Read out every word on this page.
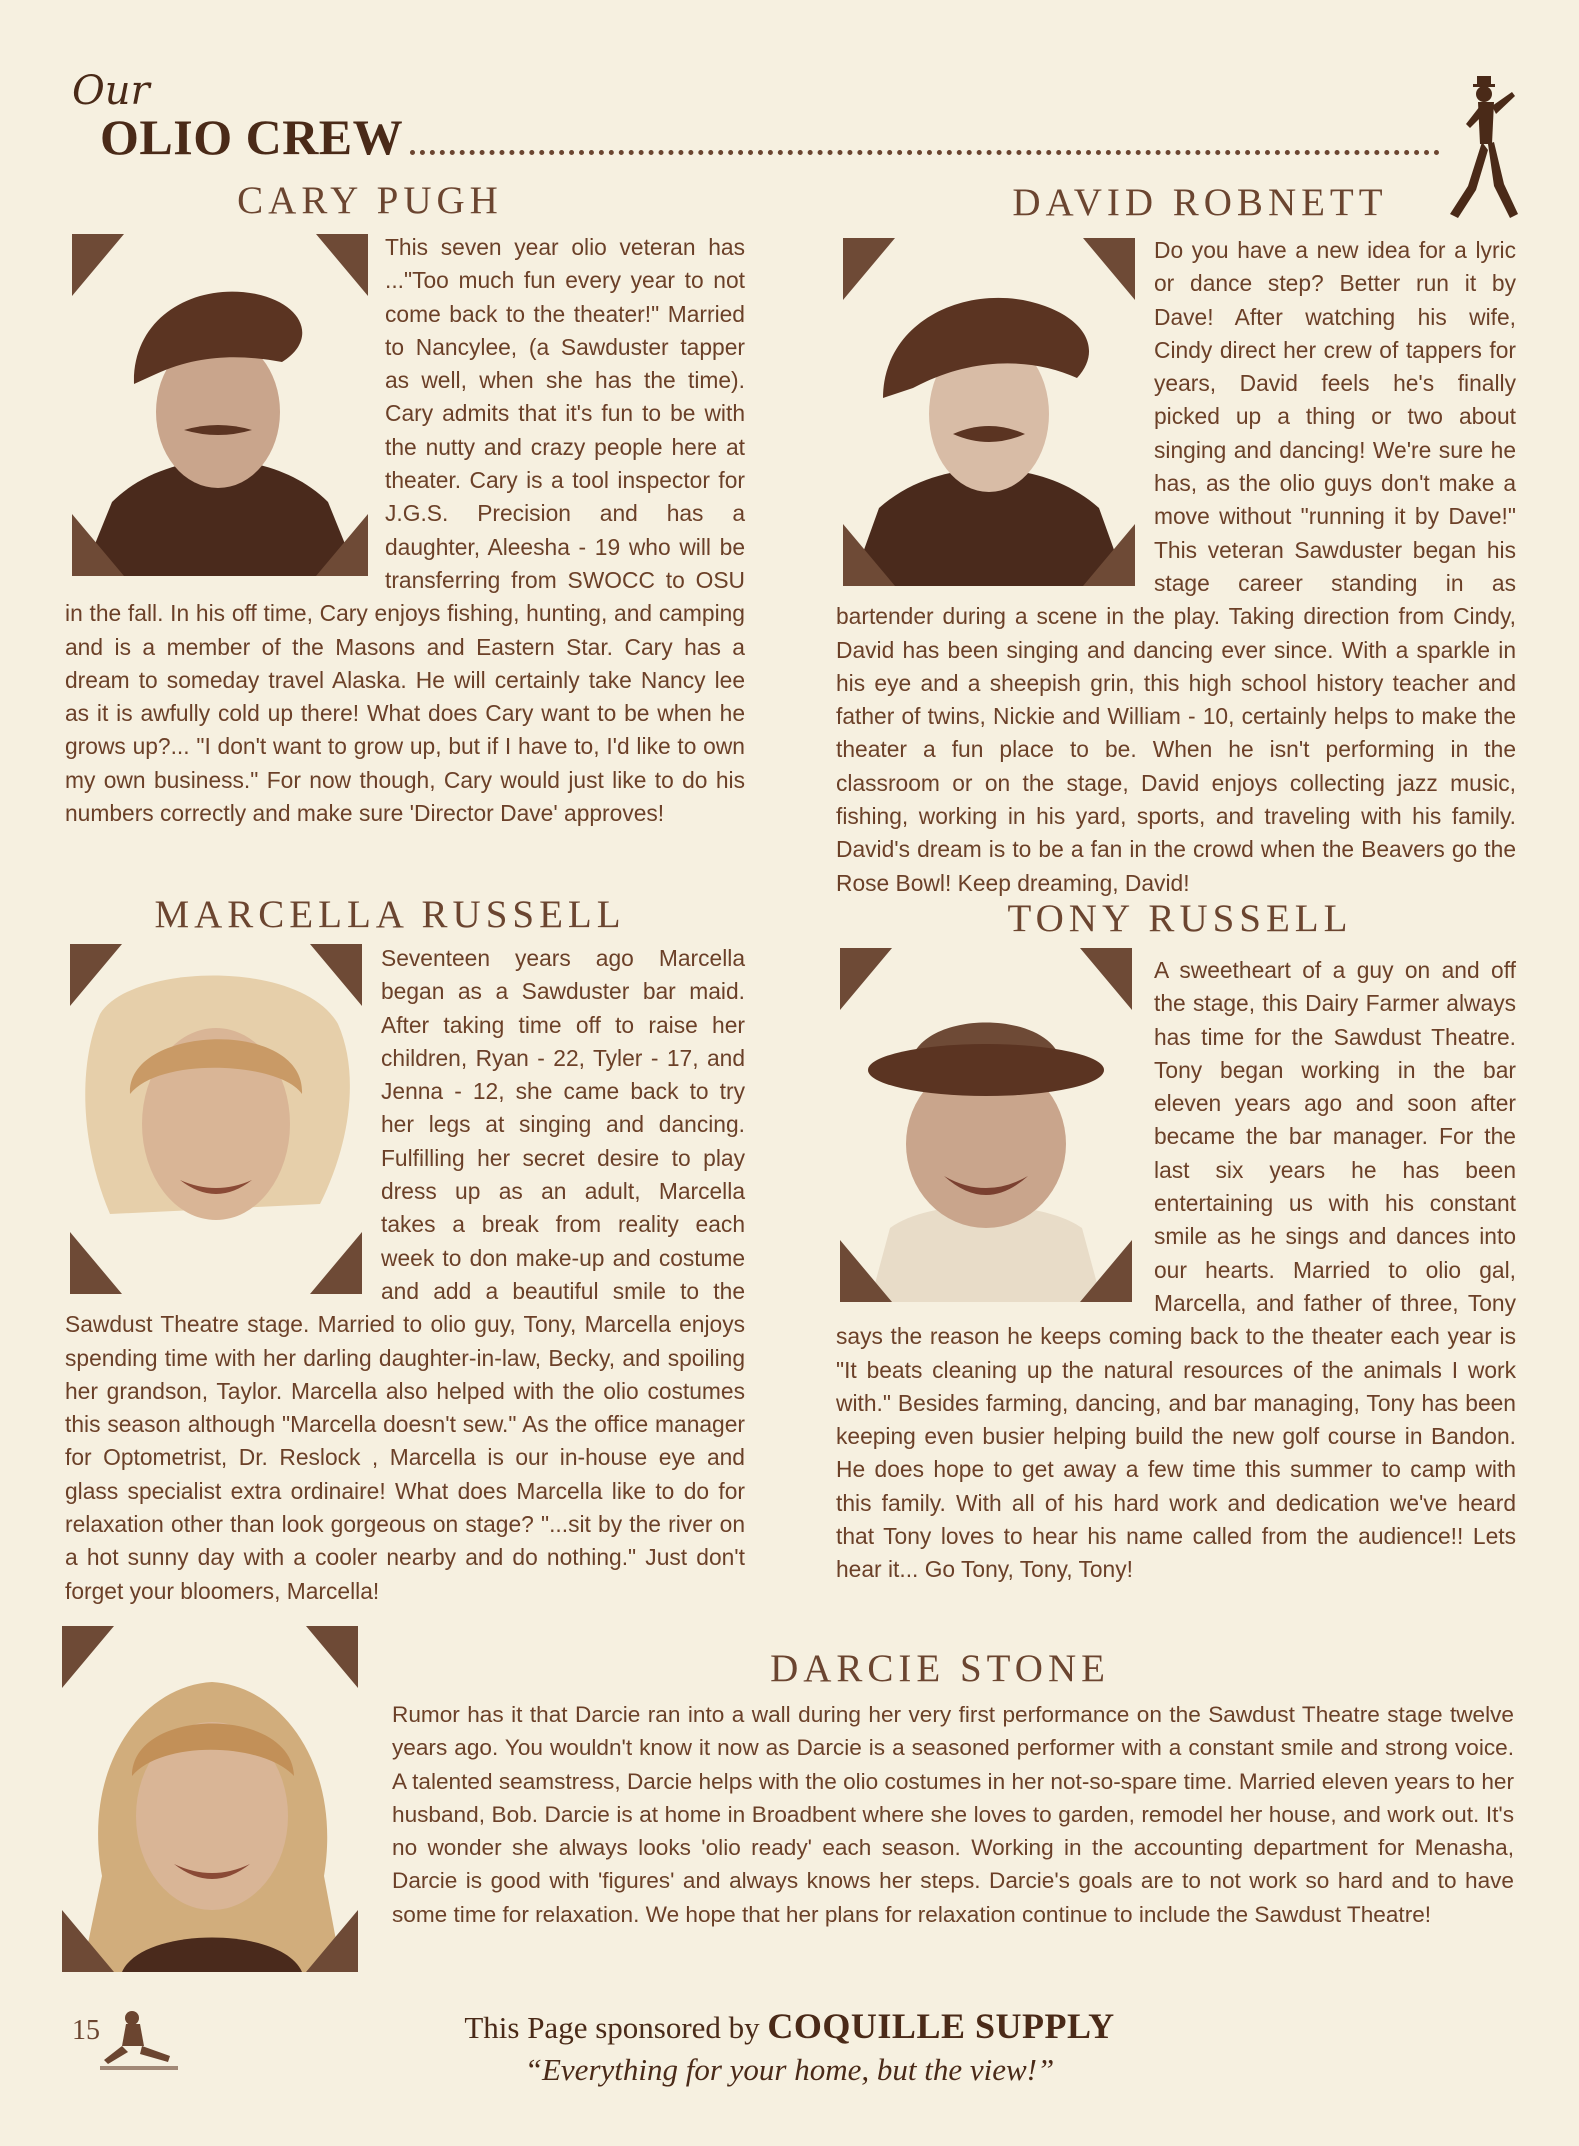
Our
OLIO CREW
CARY PUGH	DAVID ROBNETT
MARCELLA RUSSELL	TONY RUSSELL
DARCIE STONE
15	This Page sponsored by COQUILLE SUPPLY
“Everything for your home, but the view!”
This seven year olio veteran has ..."Too much fun every year to not come back to the theater!" Married to Nancylee, (a Sawduster tapper as well, when she has the time). Cary admits that it's fun to be with the nutty and crazy people here at theater. Cary is a tool inspector for J.G.S. Precision and has a daughter, Aleesha - 19 who will be transferring from SWOCC to OSU in the fall. In his off time, Cary enjoys fishing, hunting, and camping and is a member of the Masons and Eastern Star. Cary has a dream to someday travel Alaska. He will certainly take Nancy lee as it is awfully cold up there! What does Cary want to be when he grows up?... "I don't want to grow up, but if I have to, I'd like to own my own business." For now though, Cary would just like to do his numbers correctly and make sure 'Director Dave' approves!
Do you have a new idea for a lyric or dance step? Better run it by Dave! After watching his wife, Cindy direct her crew of tappers for years, David feels he's finally picked up a thing or two about singing and dancing! We're sure he has, as the olio guys don't make a move without "running it by Dave!" This veteran Sawduster began his stage career standing in as bartender during a scene in the play. Taking direction from Cindy, David has been singing and dancing ever since. With a sparkle in his eye and a sheepish grin, this high school history teacher and father of twins, Nickie and William - 10, certainly helps to make the theater a fun place to be. When he isn't performing in the classroom or on the stage, David enjoys collecting jazz music, fishing, working in his yard, sports, and traveling with his family. David's dream is to be a fan in the crowd when the Beavers go the Rose Bowl! Keep dreaming, David!
Seventeen years ago Marcella began as a Sawduster bar maid. After taking time off to raise her children, Ryan - 22, Tyler - 17, and Jenna - 12, she came back to try her legs at singing and dancing. Fulfilling her secret desire to play dress up as an adult, Marcella takes a break from reality each week to don make-up and costume and add a beautiful smile to the Sawdust Theatre stage. Married to olio guy, Tony, Marcella enjoys spending time with her darling daughter-in-law, Becky, and spoiling her grandson, Taylor. Marcella also helped with the olio costumes this season although "Marcella doesn't sew." As the office manager for Optometrist, Dr. Reslock , Marcella is our in-house eye and glass specialist extra ordinaire! What does Marcella like to do for relaxation other than look gorgeous on stage? "...sit by the river on a hot sunny day with a cooler nearby and do nothing." Just don't forget your bloomers, Marcella!
A sweetheart of a guy on and off the stage, this Dairy Farmer always has time for the Sawdust Theatre. Tony began working in the bar eleven years ago and soon after became the bar manager. For the last six years he has been entertaining us with his constant smile as he sings and dances into our hearts. Married to olio gal, Marcella, and father of three, Tony says the reason he keeps coming back to the theater each year is "It beats cleaning up the natural resources of the animals I work with." Besides farming, dancing, and bar managing, Tony has been keeping even busier helping build the new golf course in Bandon. He does hope to get away a few time this summer to camp with this family. With all of his hard work and dedication we've heard that Tony loves to hear his name called from the audience!! Lets hear it... Go Tony, Tony, Tony!
Rumor has it that Darcie ran into a wall during her very first performance on the Sawdust Theatre stage twelve years ago. You wouldn't know it now as Darcie is a seasoned performer with a constant smile and strong voice. A talented seamstress, Darcie helps with the olio costumes in her not-so-spare time. Married eleven years to her husband, Bob. Darcie is at home in Broadbent where she loves to garden, remodel her house, and work out. It's no wonder she always looks 'olio ready' each season. Working in the accounting department for Menasha, Darcie is good with 'figures' and always knows her steps. Darcie's goals are to not work so hard and to have some time for relaxation. We hope that her plans for relaxation continue to include the Sawdust Theatre!
